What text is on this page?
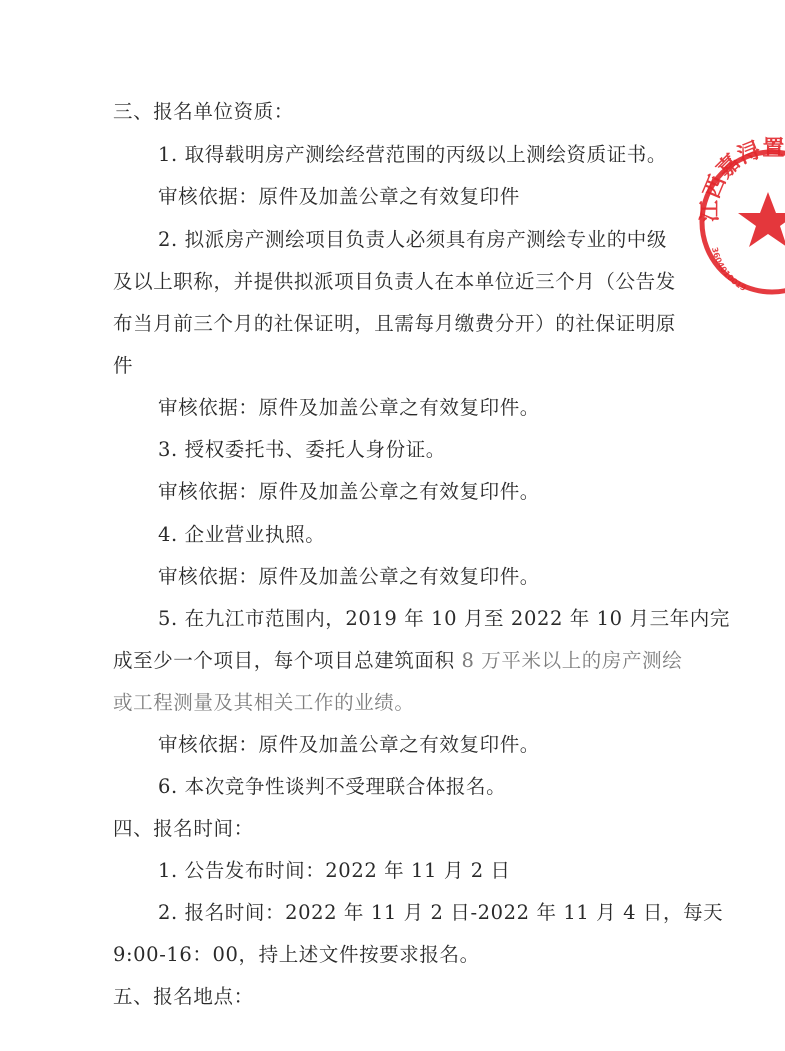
三、报名单位资质：
1. 取得载明房产测绘经营范围的丙级以上测绘资质证书。
审核依据：原件及加盖公章之有效复印件
2. 拟派房产测绘项目负责人必须具有房产测绘专业的中级
及以上职称，并提供拟派项目负责人在本单位近三个月（公告发
布当月前三个月的社保证明，且需每月缴费分开）的社保证明原
件
审核依据：原件及加盖公章之有效复印件。
3. 授权委托书、委托人身份证。
审核依据：原件及加盖公章之有效复印件。
4. 企业营业执照。
审核依据：原件及加盖公章之有效复印件。
5. 在九江市范围内，2019 年 10 月至 2022 年 10 月三年内完
成至少一个项目，每个项目总建筑面积 8 万平米以上的房产测绘
或工程测量及其相关工作的业绩。
审核依据：原件及加盖公章之有效复印件。
6. 本次竞争性谈判不受理联合体报名。
四、报名时间：
1. 公告发布时间：2022 年 11 月 2 日
2. 报名时间：2022 年 11 月 2 日-2022 年 11 月 4 日，每天
9:00-16：00，持上述文件按要求报名。
五、报名地点：
江西嘉浔置
3604010019
